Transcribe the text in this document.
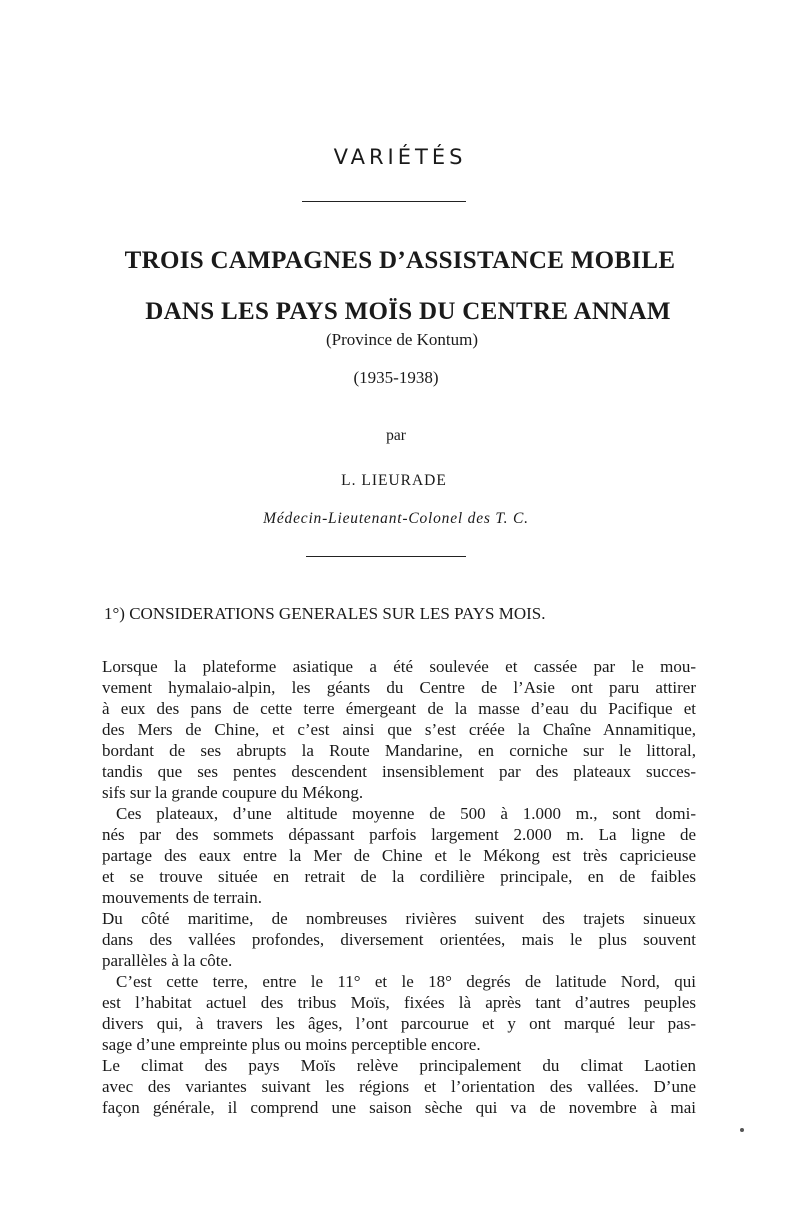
VARIÉTÉS
TROIS CAMPAGNES D’ASSISTANCE MOBILE
DANS LES PAYS MOÏS DU CENTRE ANNAM
(Province de Kontum)
(1935-1938)
par
L. LIEURADE
Médecin-Lieutenant-Colonel des T. C.
1°) CONSIDERATIONS GENERALES SUR LES PAYS MOIS.
Lorsque la plateforme asiatique a été soulevée et cassée par le mou-
vement hymalaio-alpin, les géants du Centre de l’Asie ont paru attirer
à eux des pans de cette terre émergeant de la masse d’eau du Pacifique et
des Mers de Chine, et c’est ainsi que s’est créée la Chaîne Annamitique,
bordant de ses abrupts la Route Mandarine, en corniche sur le littoral,
tandis que ses pentes descendent insensiblement par des plateaux succes-
sifs sur la grande coupure du Mékong.
Ces plateaux, d’une altitude moyenne de 500 à 1.000 m., sont domi-
nés par des sommets dépassant parfois largement 2.000 m. La ligne de
partage des eaux entre la Mer de Chine et le Mékong est très capricieuse
et se trouve située en retrait de la cordilière principale, en de faibles
mouvements de terrain.
Du côté maritime, de nombreuses rivières suivent des trajets sinueux
dans des vallées profondes, diversement orientées, mais le plus souvent
parallèles à la côte.
C’est cette terre, entre le 11° et le 18° degrés de latitude Nord, qui
est l’habitat actuel des tribus Moïs, fixées là après tant d’autres peuples
divers qui, à travers les âges, l’ont parcourue et y ont marqué leur pas-
sage d’une empreinte plus ou moins perceptible encore.
Le climat des pays Moïs relève principalement du climat Laotien
avec des variantes suivant les régions et l’orientation des vallées. D’une
façon générale, il comprend une saison sèche qui va de novembre à mai
